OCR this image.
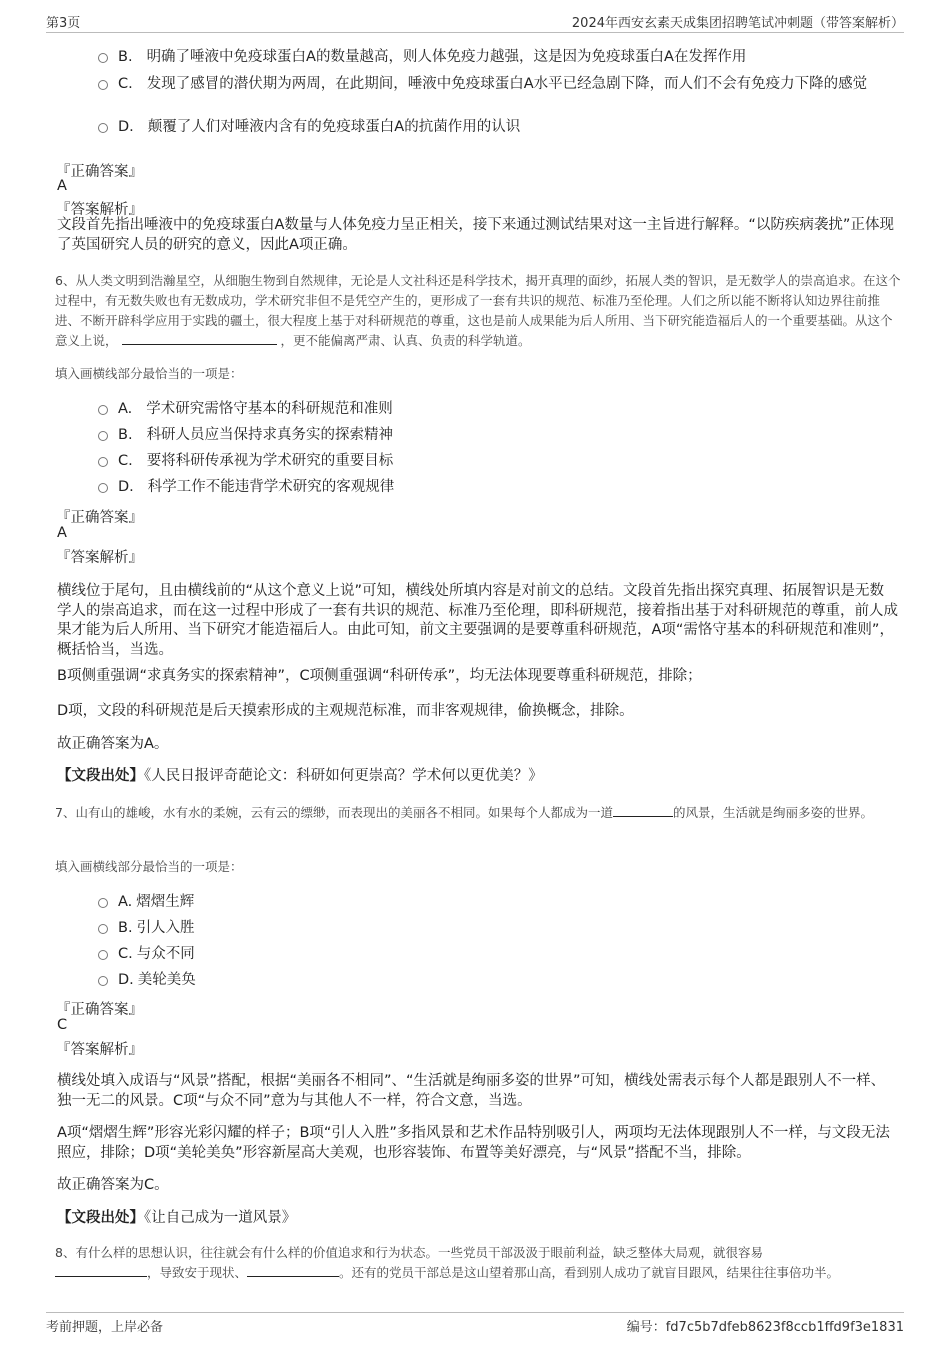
第3页	2024年西安玄素天成集团招聘笔试冲刺题（带答案解析）
B. 明确了唾液中免疫球蛋白A的数量越高，则人体免疫力越强，这是因为免疫球蛋白A在发挥作用
C. 发现了感冒的潜伏期为两周，在此期间，唾液中免疫球蛋白A水平已经急剧下降，而人们不会有免疫力下降的感觉
D. 颠覆了人们对唾液内含有的免疫球蛋白A的抗菌作用的认识
『正确答案』
A
『答案解析』
文段首先指出唾液中的免疫球蛋白A数量与人体免疫力呈正相关，接下来通过测试结果对这一主旨进行解释。“以防疾病袭扰”正体现了英国研究人员的研究的意义，因此A项正确。
6、从人类文明到浩瀚星空，从细胞生物到自然规律，无论是人文社科还是科学技术，揭开真理的面纱，拓展人类的智识，是无数学人的崇高追求。在这个过程中，有无数失败也有无数成功，学术研究非但不是凭空产生的，更形成了一套有共识的规范、标准乃至伦理。人们之所以能不断将认知边界往前推进、不断开辟科学应用于实践的疆土，很大程度上基于对科研规范的尊重，这也是前人成果能为后人所用、当下研究能造福后人的一个重要基础。从这个意义上说，	，更不能偏离严肃、认真、负责的科学轨道。
填入画横线部分最恰当的一项是：
A. 学术研究需恪守基本的科研规范和准则
B. 科研人员应当保持求真务实的探索精神
C. 要将科研传承视为学术研究的重要目标
D. 科学工作不能违背学术研究的客观规律
『正确答案』
A
『答案解析』
横线位于尾句，且由横线前的“从这个意义上说”可知，横线处所填内容是对前文的总结。文段首先指出探究真理、拓展智识是无数学人的崇高追求，而在这一过程中形成了一套有共识的规范、标准乃至伦理，即科研规范，接着指出基于对科研规范的尊重，前人成果才能为后人所用、当下研究才能造福后人。由此可知，前文主要强调的是要尊重科研规范，A项“需恪守基本的科研规范和准则”，概括恰当，当选。
B项侧重强调“求真务实的探索精神”，C项侧重强调“科研传承”，均无法体现要尊重科研规范，排除；
D项，文段的科研规范是后天摸索形成的主观规范标准，而非客观规律，偷换概念，排除。
故正确答案为A。
【文段出处】《人民日报评奇葩论文：科研如何更崇高？学术何以更优美？》
7、山有山的雄峻，水有水的柔婉，云有云的缥缈，而表现出的美丽各不相同。如果每个人都成为一道	的风景，生活就是绚丽多姿的世界。
填入画横线部分最恰当的一项是：
A. 熠熠生辉
B. 引人入胜
C. 与众不同
D. 美轮美奂
『正确答案』
C
『答案解析』
横线处填入成语与“风景”搭配，根据“美丽各不相同”、“生活就是绚丽多姿的世界”可知，横线处需表示每个人都是跟别人不一样、独一无二的风景。C项“与众不同”意为与其他人不一样，符合文意，当选。
A项“熠熠生辉”形容光彩闪耀的样子；B项“引人入胜”多指风景和艺术作品特别吸引人，两项均无法体现跟别人不一样，与文段无法照应，排除；D项“美轮美奂”形容新屋高大美观，也形容装饰、布置等美好漂亮，与“风景”搭配不当，排除。
故正确答案为C。
【文段出处】《让自己成为一道风景》
8、有什么样的思想认识，往往就会有什么样的价值追求和行为状态。一些党员干部汲汲于眼前利益，缺乏整体大局观，就很容易
，导致安于现状、	。还有的党员干部总是这山望着那山高，看到别人成功了就盲目跟风，结果往往事倍功半。
考前押题，上岸必备	编号：fd7c5b7dfeb8623f8ccb1ffd9f3e1831
